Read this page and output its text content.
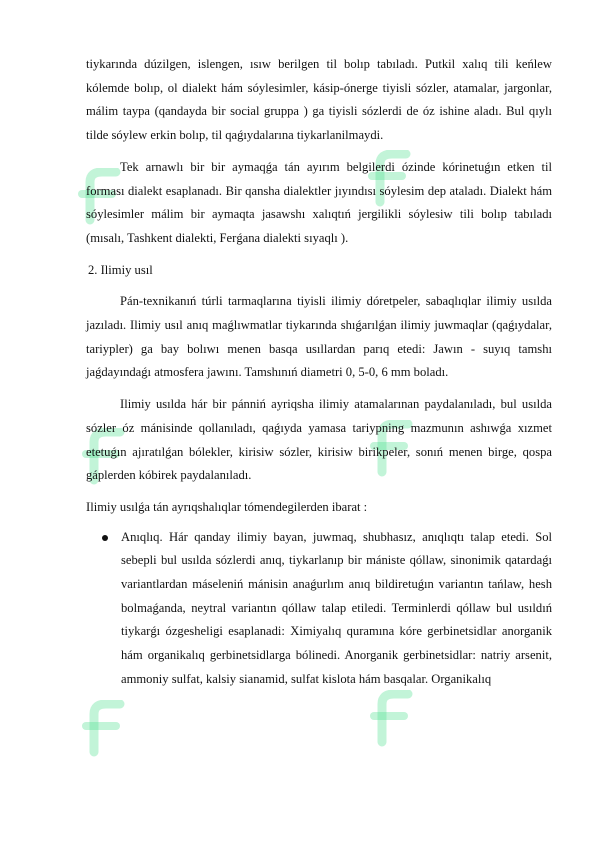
tiykarında dúzilgen, islengen, ısıw berilgen til bolıp tabıladı. Putkil xalıq tili keńlew kólemde bolıp, ol dialekt hám sóylesimler, kásip-ónerge tiyisli sózler, atamalar, jargonlar, málim taypa (qandayda bir social gruppa ) ga tiyisli sózlerdi de óz ishine aladı. Bul qıylı tilde sóylew erkin bolıp, til qaǵıydalarına tiykarlanilmaydi.

Tek arnawlı bir bir aymaqǵa tán ayırım belgilerdi ózinde kórinetuǵın etken til forması dialekt esaplanadı. Bir qansha dialektler jıyındısı sóylesim dep ataladı. Dialekt hám sóylesimler málim bir aymaqta jasawshı xalıqtıń jergilikli sóylesiw tili bolıp tabıladı (mısalı, Tashkent dialekti, Ferǵana dialekti sıyaqlı ).

2. Ilimiy usıl

Pán-texnikanıń túrli tarmaqlarına tiyisli ilimiy dóretpeler, sabaqlıqlar ilimiy usılda jazıladı. Ilimiy usıl anıq maǵlıwmatlar tiykarında shıǵarılǵan ilimiy juwmaqlar (qaǵıydalar, tariypler) ga bay bolıwı menen basqa usıllardan parıq etedi: Jawın - suyıq tamshı jaǵdayındaǵı atmosfera jawını. Tamshınıń diametri 0, 5-0, 6 mm boladı.

Ilimiy usılda hár bir pánniń ayriqsha ilimiy atamalarınan paydalanıladı, bul usılda sózler óz mánisinde qollanıladı, qaǵıyda yamasa tariypning mazmunın ashıwǵa xızmet etetuǵın ajıratılǵan bólekler, kirisiw sózler, kirisiw birikpeler, sonıń menen birge, qospa gáplerden kóbirek paydalanıladı.

Ilimiy usılǵa tán ayrıqshalıqlar tómendegilerden ibarat :

Anıqlıq. Hár qanday ilimiy bayan, juwmaq, shubhasız, anıqlıqtı talap etedi. Sol sebepli bul usılda sózlerdi anıq, tiykarlanıp bir mániste qóllaw, sinonimik qatardaǵı variantlardan máseleniń mánisin anaǵurlım anıq bildiretuǵın variantın tańlaw, hesh bolmaǵanda, neytral variantın qóllaw talap etiledi. Terminlerdi qóllaw bul usıldıń tiykarǵı ózgesheligi esaplanadi: Ximiyalıq quramına kóre gerbinetsidlar anorganik hám organikalıq gerbinetsidlarga bólinedi. Anorganik gerbinetsidlar: natriy arsenit, ammoniy sulfat, kalsiy sianamid, sulfat kislota hám basqalar. Organikalıq
